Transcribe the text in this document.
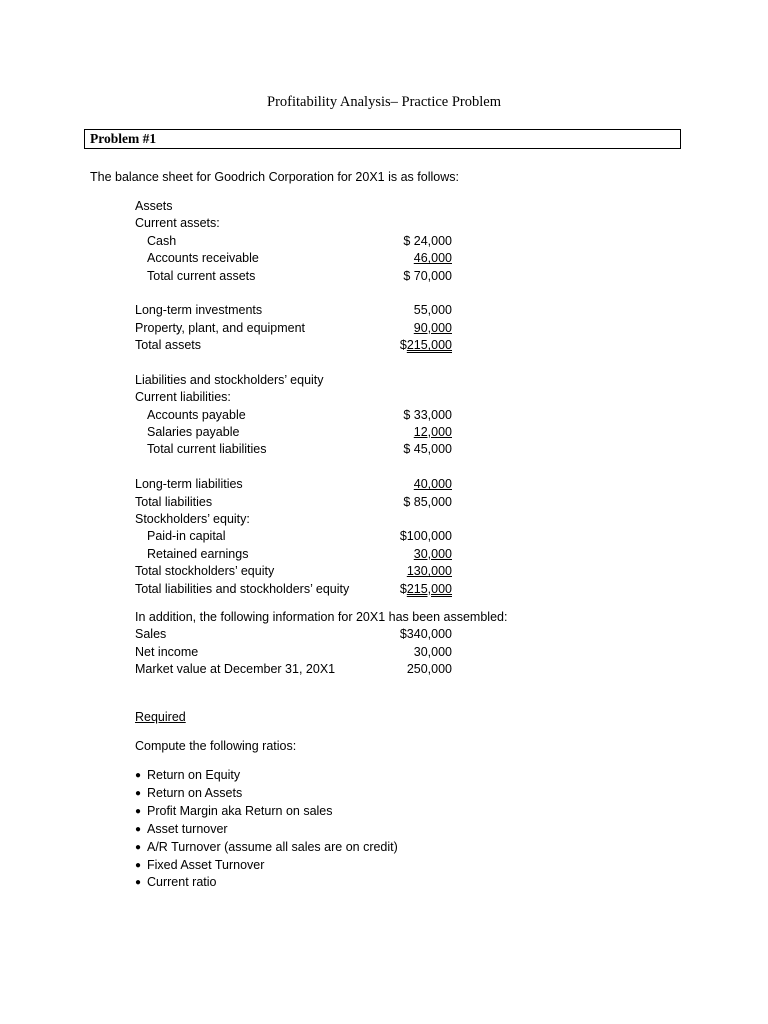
Profitability Analysis– Practice Problem
Problem #1
The balance sheet for Goodrich Corporation for 20X1 is as follows:
Assets
Current assets:
Cash	$ 24,000
Accounts receivable	46,000
Total current assets	$ 70,000
Long-term investments	55,000
Property, plant, and equipment	90,000
Total assets	$215,000
Liabilities and stockholders’ equity
Current liabilities:
Accounts payable	$ 33,000
Salaries payable	12,000
Total current liabilities	$ 45,000
Long-term liabilities	40,000
Total liabilities	$ 85,000
Stockholders’ equity:
Paid-in capital	$100,000
Retained earnings	30,000
Total stockholders’ equity	130,000
Total liabilities and stockholders’ equity	$215,000
In addition, the following information for 20X1 has been assembled:
Sales	$340,000
Net income	30,000
Market value at December 31, 20X1	250,000
Required
Compute the following ratios:
● Return on Equity
● Return on Assets
● Profit Margin aka Return on sales
● Asset turnover
● A/R Turnover (assume all sales are on credit)
● Fixed Asset Turnover
● Current ratio
